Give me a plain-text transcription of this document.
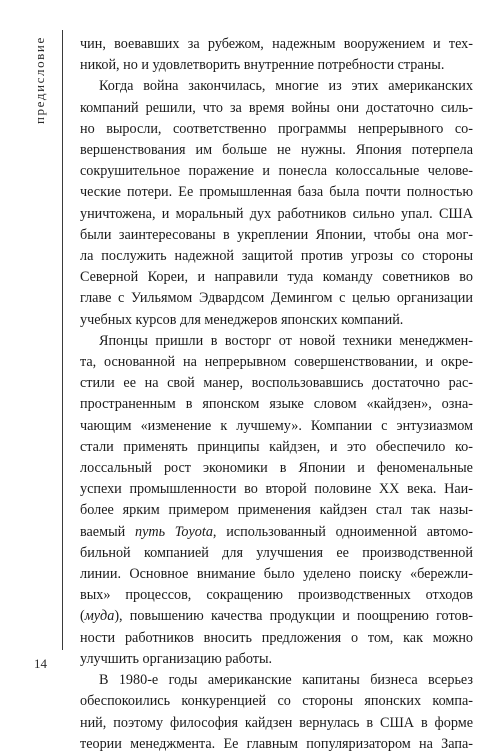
предисловие	чин, воевавших за рубежом, надежным вооружением и тех-
никой, но и удовлетворить внутренние потребности страны.
Когда война закончилась, многие из этих американских
компаний решили, что за время войны они достаточно силь-
но выросли, соответственно программы непрерывного со-
вершенствования им больше не нужны. Япония потерпела
сокрушительное поражение и понесла колоссальные челове-
ческие потери. Ее промышленная база была почти полностью
уничтожена, и моральный дух работников сильно упал. США
были заинтересованы в укреплении Японии, чтобы она мог-
ла послужить надежной защитой против угрозы со стороны
Северной Кореи, и направили туда команду советников во
главе с Уильямом Эдвардсом Демингом с целью организации
учебных курсов для менеджеров японских компаний.
Японцы пришли в восторг от новой техники менеджмен-
та, основанной на непрерывном совершенствовании, и окре-
стили ее на свой манер, воспользовавшись достаточно рас-
пространенным в японском языке словом «кайдзен», озна-
чающим «изменение к лучшему». Компании с энтузиазмом
стали применять принципы кайдзен, и это обеспечило ко-
лоссальный рост экономики в Японии и феноменальные
успехи промышленности во второй половине XX века. Наи-
более ярким примером применения кайдзен стал так назы-
ваемый путь Toyota, использованный одноименной автомо-
бильной компанией для улучшения ее производственной
линии. Основное внимание было уделено поиску «бережли-
вых» процессов, сокращению производственных отходов
(муда), повышению качества продукции и поощрению готов-
ности работников вносить предложения о том, как можно
улучшить организацию работы.
В 1980-е годы американские капитаны бизнеса всерьез
обеспокоились конкуренцией со стороны японских компа-
ний, поэтому философия кайдзен вернулась в США в форме
теории менеджмента. Ее главным популяризатором на Запа-
14
